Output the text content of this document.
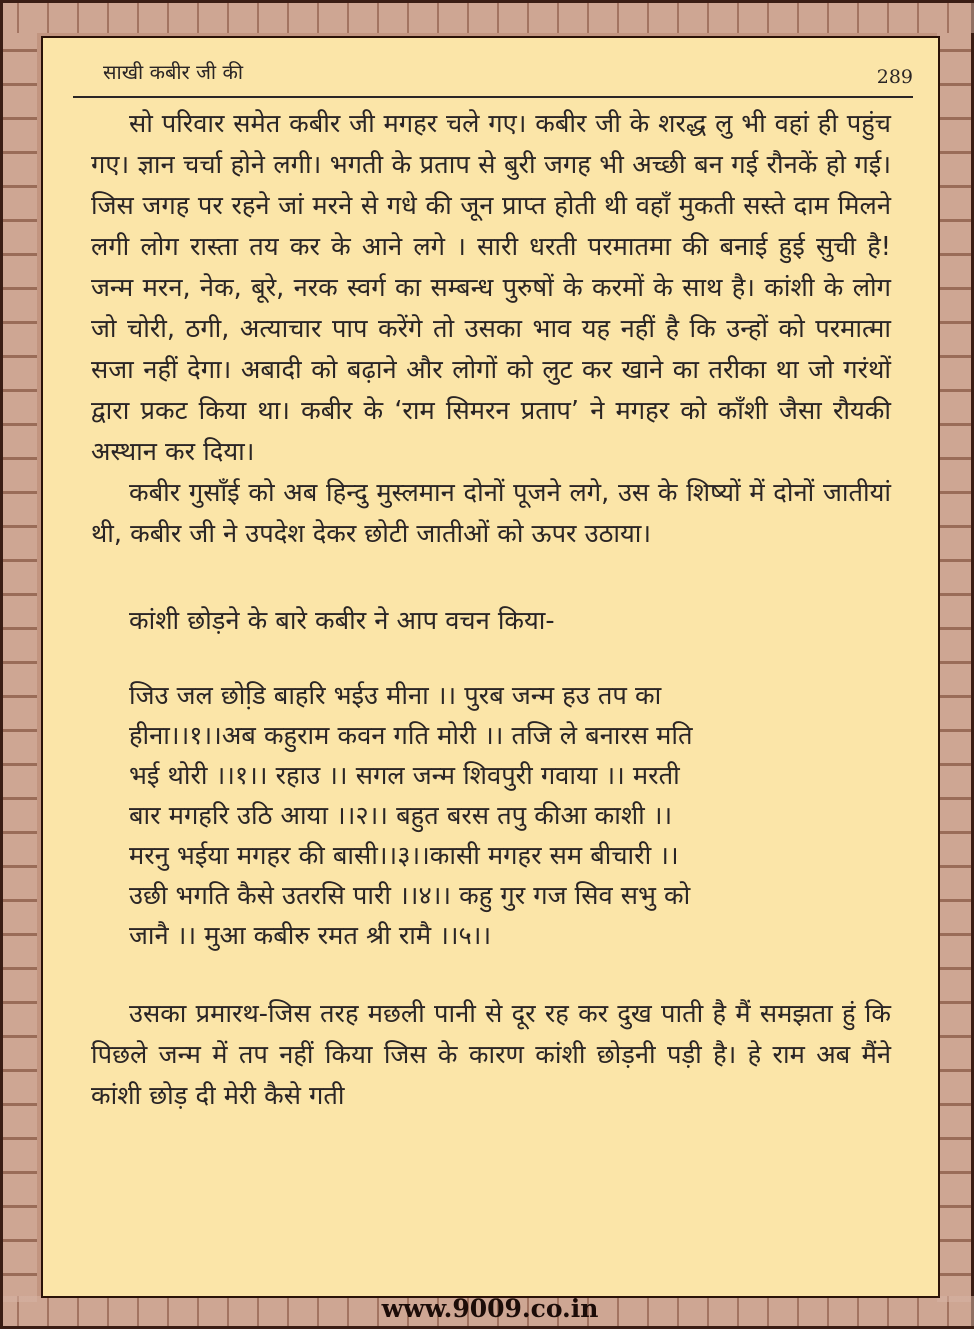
साखी कबीर जी की	289

सो परिवार समेत कबीर जी मगहर चले गए। कबीर जी के शरद्ध लु भी वहां ही पहुंच गए। ज्ञान चर्चा होने लगी। भगती के प्रताप से बुरी जगह भी अच्छी बन गई रौनकें हो गई। जिस जगह पर रहने जां मरने से गधे की जून प्राप्त होती थी वहाँ मुकती सस्ते दाम मिलने लगी लोग रास्ता तय कर के आने लगे । सारी धरती परमातमा की बनाई हुई सुची है! जन्म मरन, नेक, बूरे, नरक स्वर्ग का सम्बन्ध पुरुषों के करमों के साथ है। कांशी के लोग जो चोरी, ठगी, अत्याचार पाप करेंगे तो उसका भाव यह नहीं है कि उन्हों को परमात्मा सजा नहीं देगा। अबादी को बढ़ाने और लोगों को लुट कर खाने का तरीका था जो गरंथों द्वारा प्रकट किया था। कबीर के ‘राम सिमरन प्रताप’ ने मगहर को काँशी जैसा रौयकी अस्थान कर दिया।

कबीर गुसाँई को अब हिन्दु मुस्लमान दोनों पूजने लगे, उस के शिष्यों में दोनों जातीयां थी, कबीर जी ने उपदेश देकर छोटी जातीओं को ऊपर उठाया।

कांशी छोड़ने के बारे कबीर ने आप वचन किया-
जिउ जल छोडि़ बाहरि भईउ मीना ।। पुरब जन्म हउ तप का
हीना।।१।।अब कहुराम कवन गति मोरी ।। तजि ले बनारस मति
भई थोरी ।।१।। रहाउ ।। सगल जन्म शिवपुरी गवाया ।। मरती
बार मगहरि उठि आया ।।२।। बहुत बरस तपु कीआ काशी ।।
मरनु भईया मगहर की बासी।।३।।कासी मगहर सम बीचारी ।।
उछी भगति कैसे उतरसि पारी ।।४।। कहु गुर गज सिव सभु को
जानै ।। मुआ कबीरु रमत श्री रामै ।।५।।

उसका प्रमारथ-जिस तरह मछली पानी से दूर रह कर दुख पाती है मैं समझता हुं कि पिछले जन्म में तप नहीं किया जिस के कारण कांशी छोड़नी पड़ी है। हे राम अब मैंने कांशी छोड़ दी मेरी कैसे गती

www.9009.co.in
